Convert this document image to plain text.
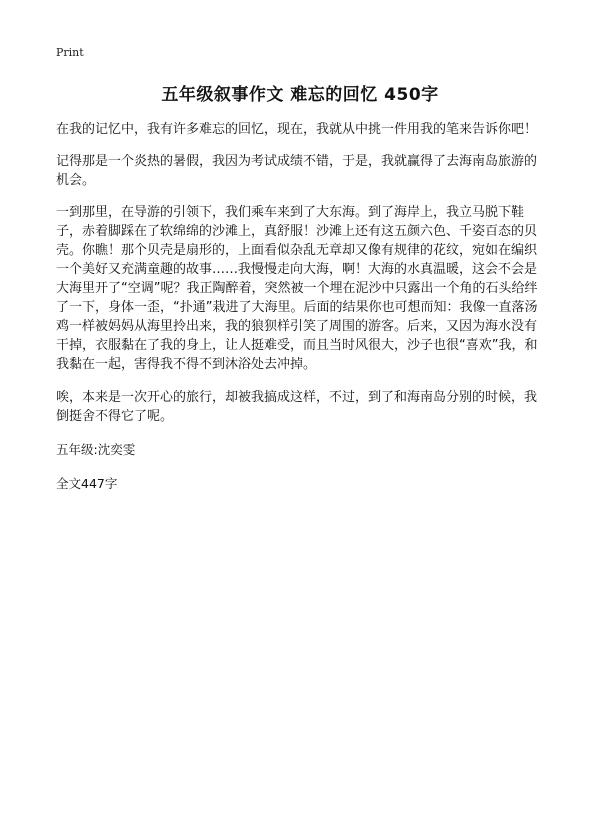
Print
五年级叙事作文 难忘的回忆 450字

在我的记忆中，我有许多难忘的回忆，现在，我就从中挑一件用我的笔来告诉你吧！

记得那是一个炎热的暑假，我因为考试成绩不错，于是，我就赢得了去海南岛旅游的机会。

一到那里，在导游的引领下，我们乘车来到了大东海。到了海岸上，我立马脱下鞋子，赤着脚踩在了软绵绵的沙滩上，真舒服！沙滩上还有这五颜六色、千姿百态的贝壳。你瞧！那个贝壳是扇形的，上面看似杂乱无章却又像有规律的花纹，宛如在编织一个美好又充满童趣的故事……我慢慢走向大海，啊！大海的水真温暖，这会不会是大海里开了“空调”呢？我正陶醉着，突然被一个埋在泥沙中只露出一个角的石头给绊了一下，身体一歪，“扑通”栽进了大海里。后面的结果你也可想而知：我像一直落汤鸡一样被妈妈从海里拎出来，我的狼狈样引笑了周围的游客。后来，又因为海水没有干掉，衣服黏在了我的身上，让人挺难受，而且当时风很大，沙子也很“喜欢”我，和我黏在一起，害得我不得不到沐浴处去冲掉。

唉，本来是一次开心的旅行，却被我搞成这样，不过，到了和海南岛分别的时候，我倒挺舍不得它了呢。

五年级:沈奕雯

全文447字
